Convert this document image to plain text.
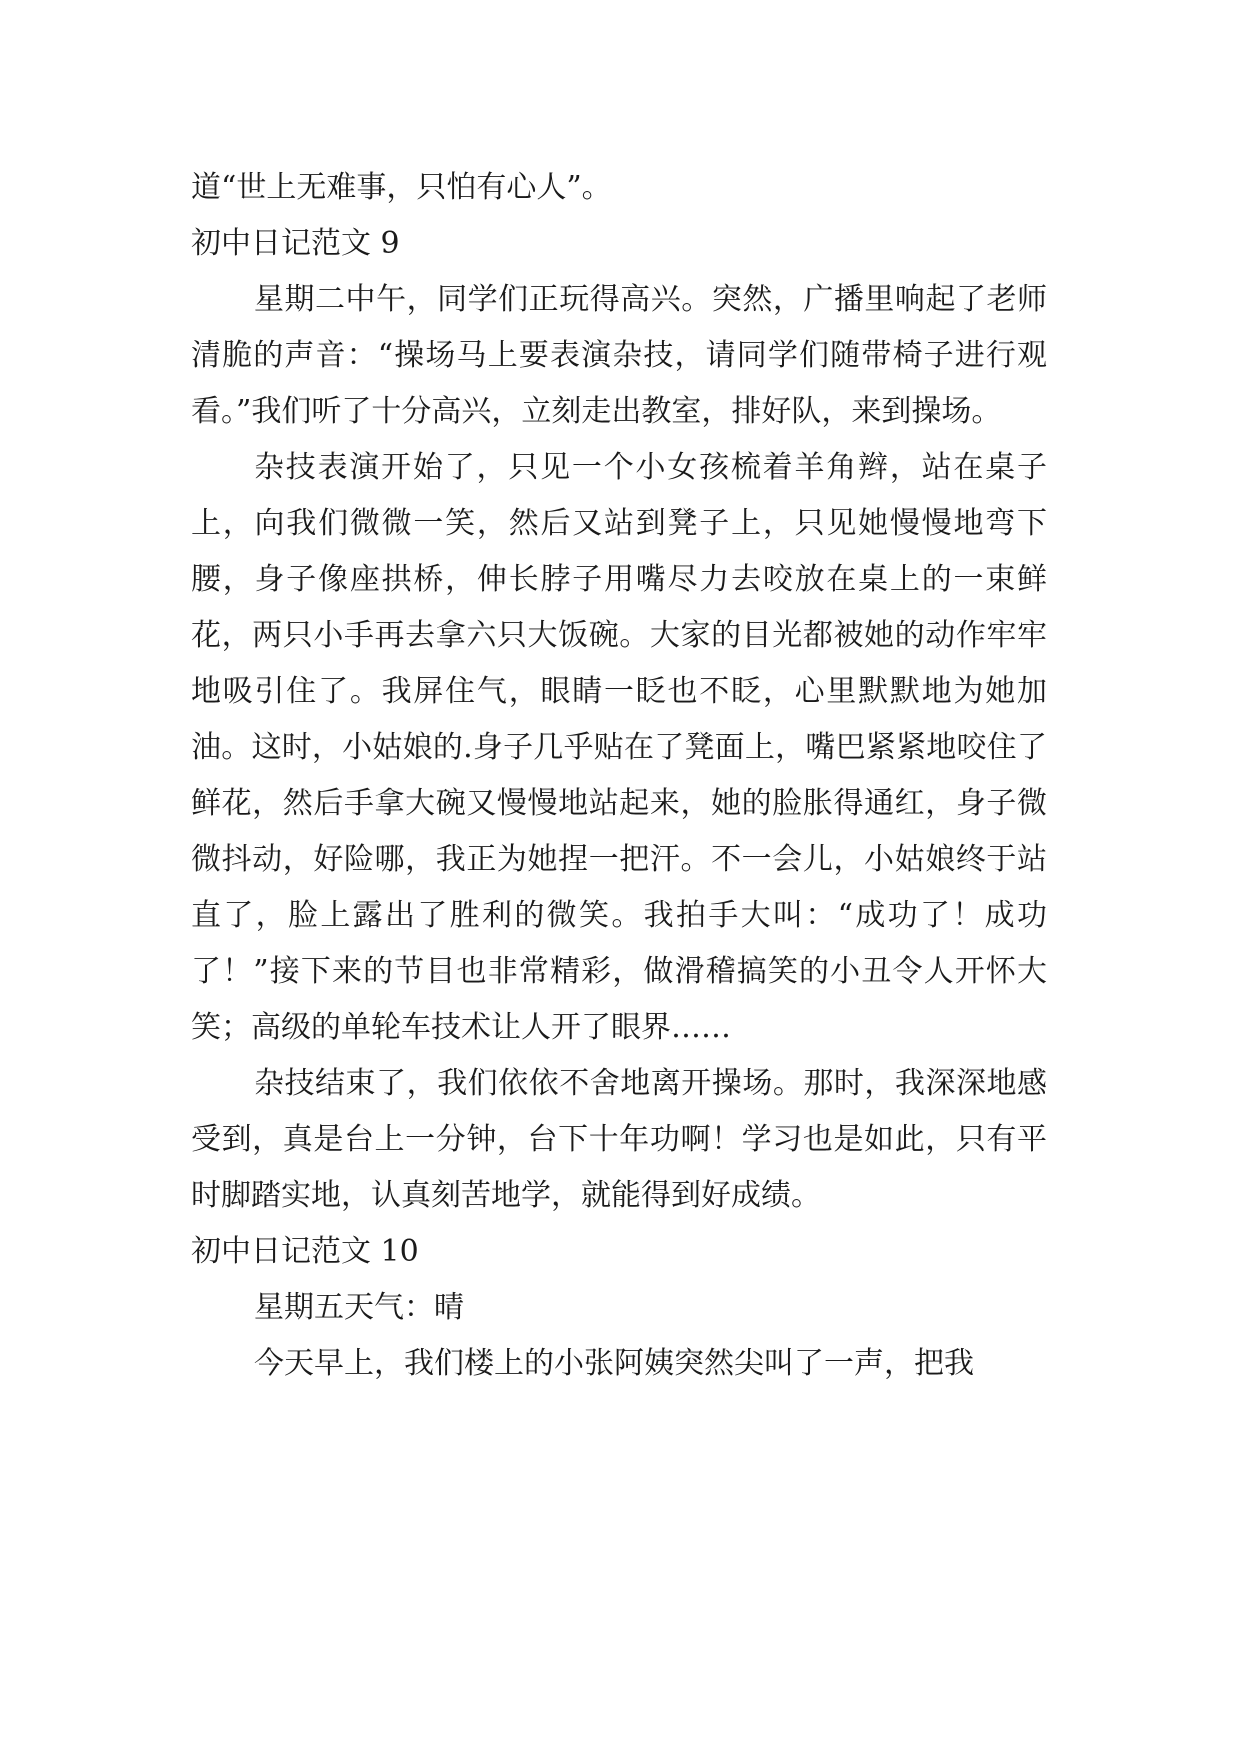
道“世上无难事，只怕有心人”。

初中日记范文 9

星期二中午，同学们正玩得高兴。突然，广播里响起了老师清脆的声音：“操场马上要表演杂技，请同学们随带椅子进行观看。”我们听了十分高兴，立刻走出教室，排好队，来到操场。

杂技表演开始了，只见一个小女孩梳着羊角辫，站在桌子上，向我们微微一笑，然后又站到凳子上，只见她慢慢地弯下腰，身子像座拱桥，伸长脖子用嘴尽力去咬放在桌上的一束鲜花，两只小手再去拿六只大饭碗。大家的目光都被她的动作牢牢地吸引住了。我屏住气，眼睛一眨也不眨，心里默默地为她加油。这时，小姑娘的.身子几乎贴在了凳面上，嘴巴紧紧地咬住了鲜花，然后手拿大碗又慢慢地站起来，她的脸胀得通红，身子微微抖动，好险哪，我正为她捏一把汗。不一会儿，小姑娘终于站直了，脸上露出了胜利的微笑。我拍手大叫：“成功了！成功了！”接下来的节目也非常精彩，做滑稽搞笑的小丑令人开怀大笑；高级的单轮车技术让人开了眼界……

杂技结束了，我们依依不舍地离开操场。那时，我深深地感受到，真是台上一分钟，台下十年功啊！学习也是如此，只有平时脚踏实地，认真刻苦地学，就能得到好成绩。

初中日记范文 10

星期五天气：晴

今天早上，我们楼上的小张阿姨突然尖叫了一声，把我
